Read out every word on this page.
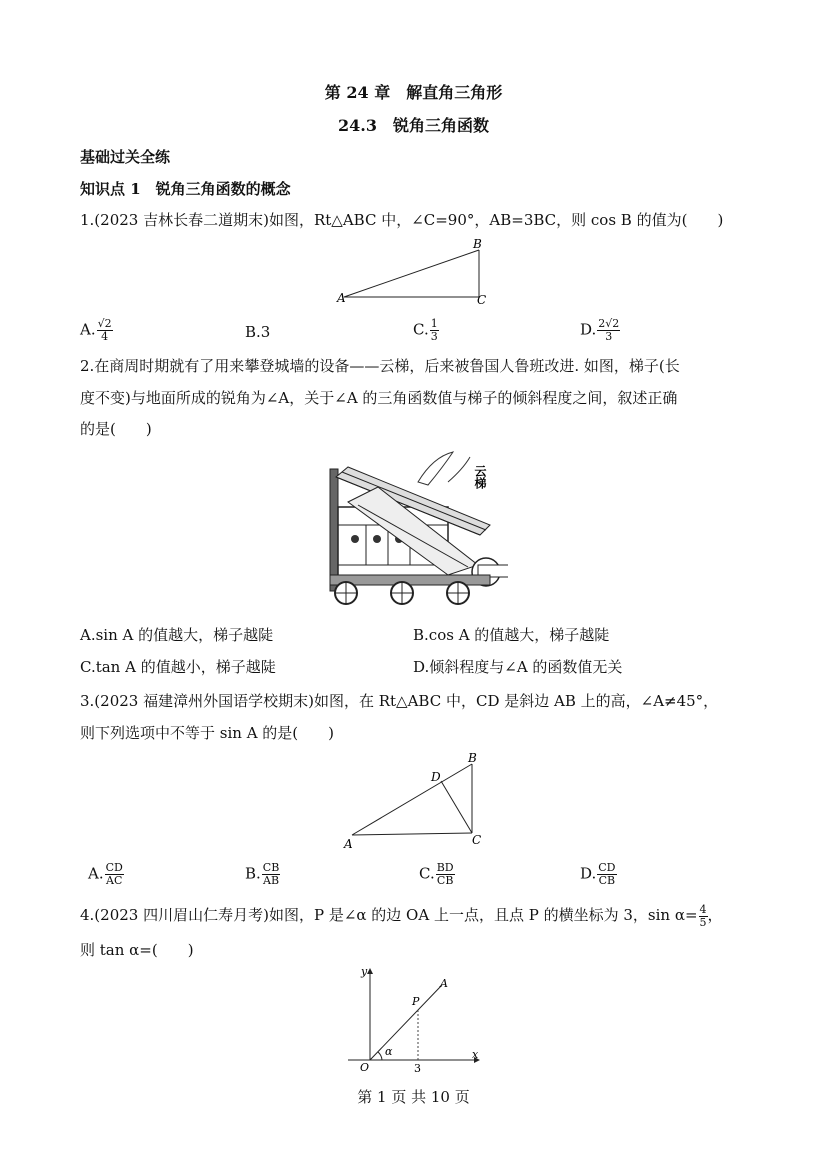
第 24 章　解直角三角形
24.3　锐角三角函数
基础过关全练
知识点 1　锐角三角函数的概念
1.(2023 吉林长春二道期末)如图，Rt△ABC 中，∠C=90°，AB=3BC，则 cos B 的值为(　　)
A
B
C
A. $\frac{√2}{4}$	B.3	C. $\frac{1}{3}$	D. $\frac{2√2}{3}$
2.在商周时期就有了用来攀登城墙的设备——云梯，后来被鲁国人鲁班改进. 如图，梯子(长
度不变)与地面所成的锐角为∠A，关于∠A 的三角函数值与梯子的倾斜程度之间，叙述正确
的是(　　)
云梯
A.sin A 的值越大，梯子越陡	B.cos A 的值越大，梯子越陡
C.tan A 的值越小，梯子越陡	D.倾斜程度与∠A 的函数值无关
3.(2023 福建漳州外国语学校期末)如图，在 Rt△ABC 中，CD 是斜边 AB 上的高，∠A≠45°，
则下列选项中不等于 sin A 的是(　　)
A
B
C
D
A. $\frac{CD}{AC}$	B. $\frac{CB}{AB}$	C. $\frac{BD}{CB}$	D. $\frac{CD}{CB}$
4.(2023 四川眉山仁寿月考)如图，P 是∠α 的边 OA 上一点，且点 P 的横坐标为 3，$\sin \alpha= \frac{4}{5}$ ，
则 tan α=(　　)
y
x
O
A
P
α
3
第 1 页 共 10 页
